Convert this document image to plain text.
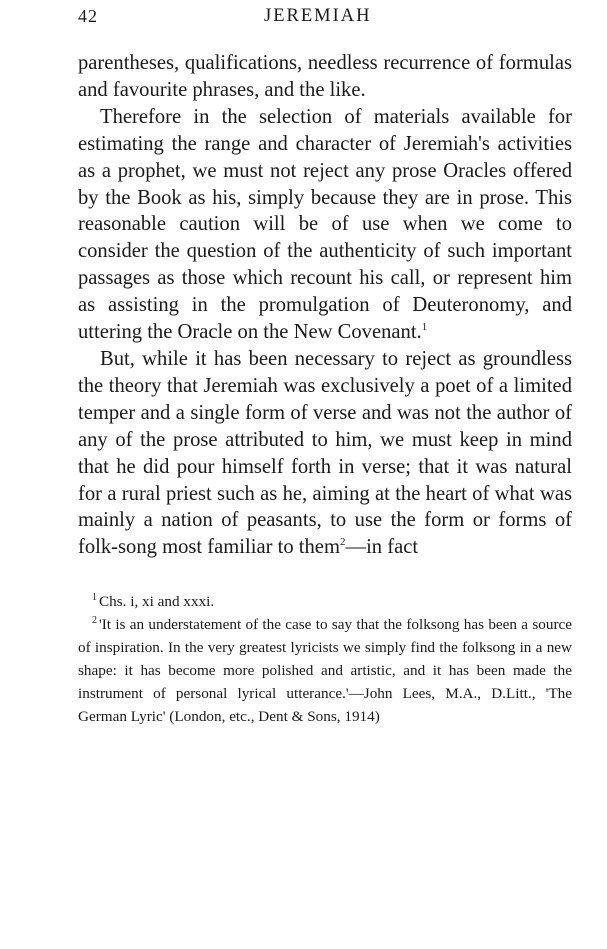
42	JEREMIAH

parentheses, qualifications, needless recurrence of formulas and favourite phrases, and the like.

Therefore in the selection of materials available for estimating the range and character of Jeremiah's activities as a prophet, we must not reject any prose Oracles offered by the Book as his, simply because they are in prose. This reasonable caution will be of use when we come to consider the question of the authenticity of such important passages as those which recount his call, or represent him as assisting in the promulgation of Deuteronomy, and uttering the Oracle on the New Covenant.$^1$

But, while it has been necessary to reject as groundless the theory that Jeremiah was exclusively a poet of a limited temper and a single form of verse and was not the author of any of the prose attributed to him, we must keep in mind that he did pour himself forth in verse; that it was natural for a rural priest such as he, aiming at the heart of what was mainly a nation of peasants, to use the form or forms of folk-song most familiar to them$^2$—in fact

$^1$ Chs. i, xi and xxxi.

$^2$ 'It is an understatement of the case to say that the folksong has been a source of inspiration. In the very greatest lyricists we simply find the folksong in a new shape: it has become more polished and artistic, and it has been made the instrument of personal lyrical utterance.'—John Lees, M.A., D.Litt., 'The German Lyric' (London, etc., Dent & Sons, 1914)
